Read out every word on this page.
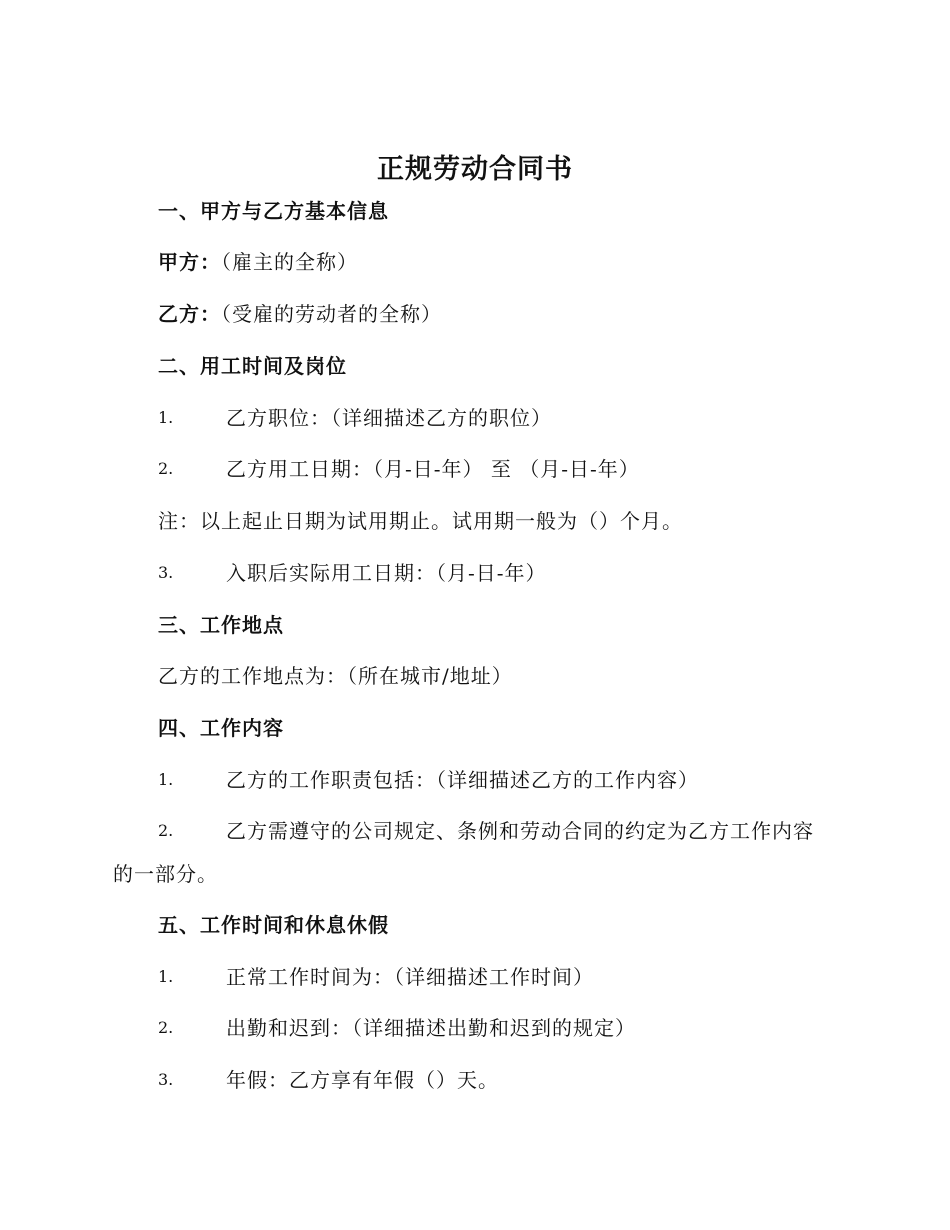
正规劳动合同书
一、甲方与乙方基本信息
甲方：（雇主的全称）
乙方：（受雇的劳动者的全称）
二、用工时间及岗位
1.	乙方职位：（详细描述乙方的职位）
2.	乙方用工日期：（月-日-年） 至 （月-日-年）
注：以上起止日期为试用期止。试用期一般为（）个月。
3.	入职后实际用工日期：（月-日-年）
三、工作地点
乙方的工作地点为：（所在城市/地址）
四、工作内容
1.	乙方的工作职责包括：（详细描述乙方的工作内容）
2.	乙方需遵守的公司规定、条例和劳动合同的约定为乙方工作内容
的一部分。
五、工作时间和休息休假
1.	正常工作时间为：（详细描述工作时间）
2.	出勤和迟到：（详细描述出勤和迟到的规定）
3.	年假：乙方享有年假（）天。
